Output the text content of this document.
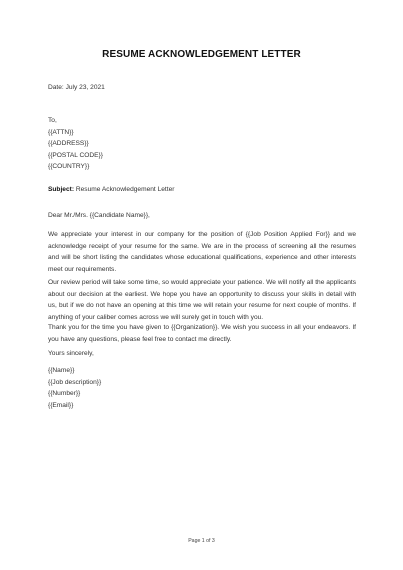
RESUME ACKNOWLEDGEMENT LETTER
Date: July 23, 2021
To,
{{ATTN}}
{{ADDRESS}}
{{POSTAL CODE}}
{{COUNTRY}}
Subject: Resume Acknowledgement Letter
Dear Mr./Mrs. {{Candidate Name}},
We appreciate your interest in our company for the position of {{Job Position Applied For}} and we acknowledge receipt of your resume for the same. We are in the process of screening all the resumes and will be short listing the candidates whose educational qualifications, experience and other interests meet our requirements.
Our review period will take some time, so would appreciate your patience. We will notify all the applicants about our decision at the earliest. We hope you have an opportunity to discuss your skills in detail with us, but if we do not have an opening at this time we will retain your resume for next couple of months. If anything of your caliber comes across we will surely get in touch with you.
Thank you for the time you have given to {{Organization}}. We wish you success in all your endeavors. If you have any questions, please feel free to contact me directly.
Yours sincerely,
{{Name}}
{{Job description}}
{{Number}}
{{Email}}
Page 1 of 3
